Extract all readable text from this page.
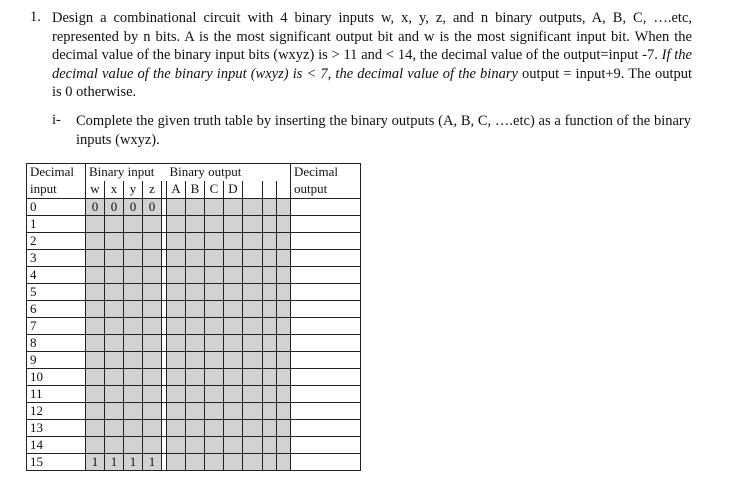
1. Design a combinational circuit with 4 binary inputs w, x, y, z, and n binary outputs, A, B, C, ….etc, represented by n bits. A is the most significant output bit and w is the most significant input bit. When the decimal value of the binary input bits (wxyz) is > 11 and < 14, the decimal value of the output=input -7. If the decimal value of the binary input (wxyz) is < 7, the decimal value of the binary output = input+9. The output is 0 otherwise.
i- Complete the given truth table by inserting the binary outputs (A, B, C, ….etc) as a function of the binary inputs (wxyz).
Decimal	Binary input					Binary output							Decimal
input	w	x	y	z		A	B	C	D				output
0	0	0	0	0									
1													
2													
3													
4													
5													
6													
7													
8													
9													
10													
11													
12													
13													
14													
15	1	1	1	1									
